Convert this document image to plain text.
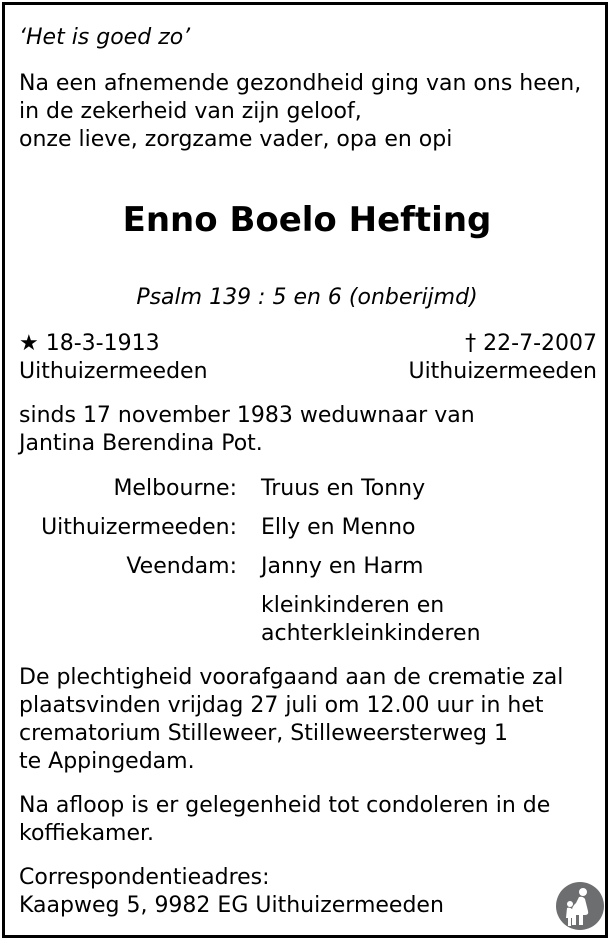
‘Het is goed zo’
Na een afnemende gezondheid ging van ons heen,
in de zekerheid van zijn geloof,
onze lieve, zorgzame vader, opa en opi
Enno Boelo Hefting
Psalm 139 : 5 en 6 (onberijmd)
★ 18-3-1913
Uithuizermeeden
† 22-7-2007
Uithuizermeeden
sinds 17 november 1983 weduwnaar van
Jantina Berendina Pot.
Melbourne: Truus en Tonny
Uithuizermeeden: Elly en Menno
Veendam: Janny en Harm
kleinkinderen en
achterkleinkinderen
De plechtigheid voorafgaand aan de crematie zal
plaatsvinden vrijdag 27 juli om 12.00 uur in het
crematorium Stilleweer, Stilleweersterweg 1
te Appingedam.
Na afloop is er gelegenheid tot condoleren in de
koffiekamer.
Correspondentieadres:
Kaapweg 5, 9982 EG Uithuizermeeden
